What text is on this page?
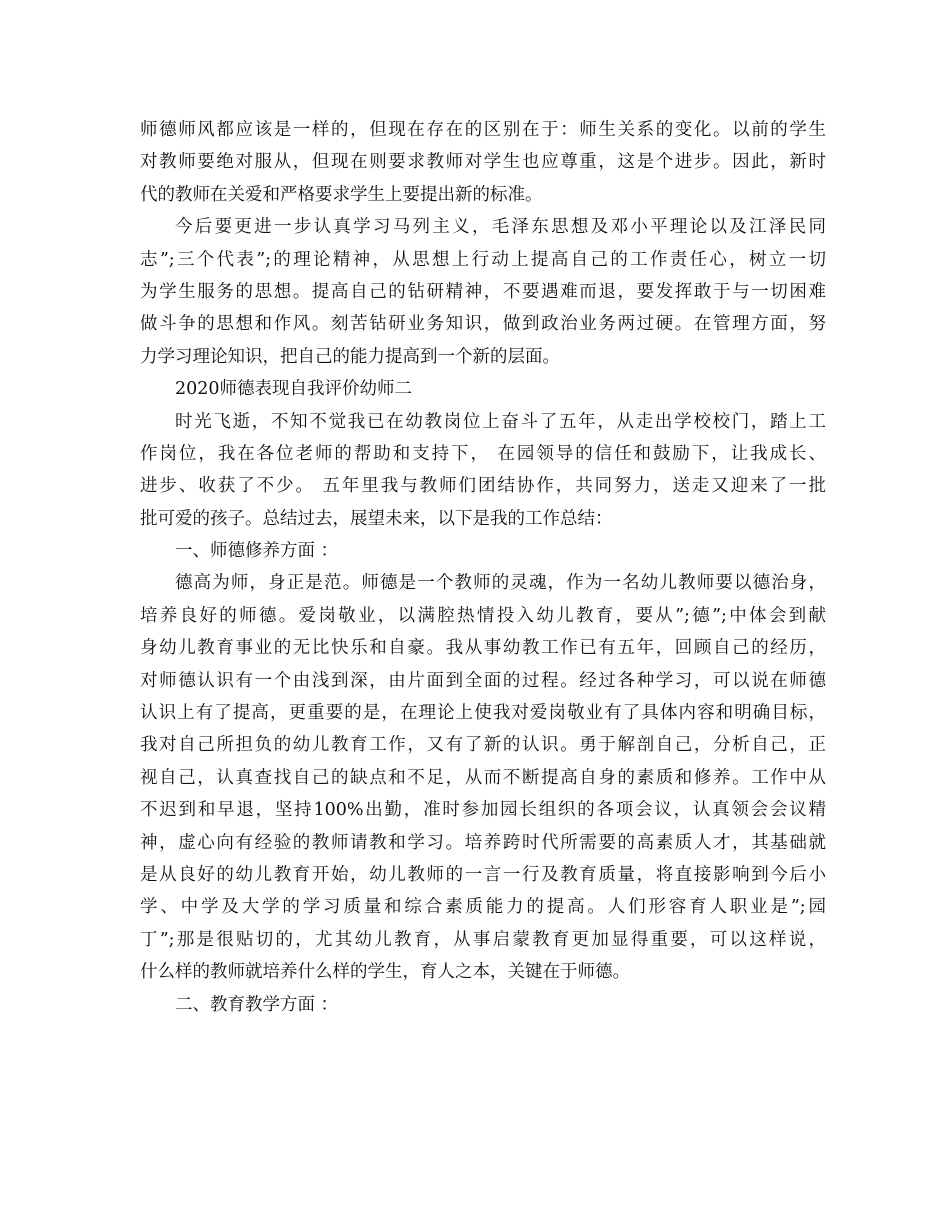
师德师风都应该是一样的，但现在存在的区别在于：师生关系的变化。以前的学生
对教师要绝对服从，但现在则要求教师对学生也应尊重，这是个进步。因此，新时
代的教师在关爱和严格要求学生上要提出新的标准。
今后要更进一步认真学习马列主义，毛泽东思想及邓小平理论以及江泽民同
志”;三个代表”;的理论精神，从思想上行动上提高自己的工作责任心，树立一切
为学生服务的思想。提高自己的钻研精神，不要遇难而退，要发挥敢于与一切困难
做斗争的思想和作风。刻苦钻研业务知识，做到政治业务两过硬。在管理方面，努
力学习理论知识，把自己的能力提高到一个新的层面。
2020师德表现自我评价幼师二
时光飞逝，不知不觉我已在幼教岗位上奋斗了五年，从走出学校校门，踏上工
作岗位，我在各位老师的帮助和支持下， 在园领导的信任和鼓励下，让我成长、
进步、收获了不少。 五年里我与教师们团结协作，共同努力，送走又迎来了一批
批可爱的孩子。总结过去，展望未来，以下是我的工作总结：
一、师德修养方面 ：
德高为师，身正是范。师德是一个教师的灵魂，作为一名幼儿教师要以德治身，
培养良好的师德。爱岗敬业，以满腔热情投入幼儿教育，要从”;德”;中体会到献
身幼儿教育事业的无比快乐和自豪。我从事幼教工作已有五年，回顾自己的经历，
对师德认识有一个由浅到深，由片面到全面的过程。经过各种学习，可以说在师德
认识上有了提高，更重要的是，在理论上使我对爱岗敬业有了具体内容和明确目标，
我对自己所担负的幼儿教育工作，又有了新的认识。勇于解剖自己，分析自己，正
视自己，认真查找自己的缺点和不足，从而不断提高自身的素质和修养。工作中从
不迟到和早退，坚持100%出勤，准时参加园长组织的各项会议，认真领会会议精
神，虚心向有经验的教师请教和学习。培养跨时代所需要的高素质人才，其基础就
是从良好的幼儿教育开始，幼儿教师的一言一行及教育质量，将直接影响到今后小
学、中学及大学的学习质量和综合素质能力的提高。人们形容育人职业是”;园
丁”;那是很贴切的，尤其幼儿教育，从事启蒙教育更加显得重要，可以这样说，
什么样的教师就培养什么样的学生，育人之本，关键在于师德。
二、教育教学方面 ：
